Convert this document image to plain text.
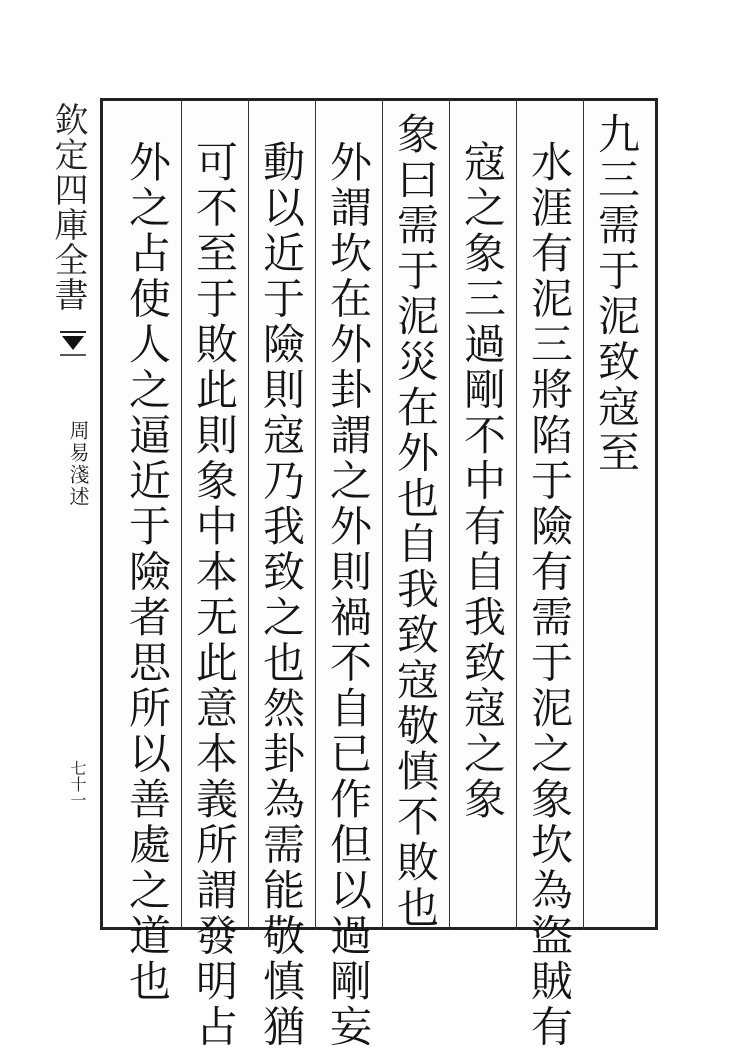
欽定四庫全書
周易淺述
七十一
九三需于泥致寇至
水涯有泥三將陷于險有需于泥之象坎為盜賊有
寇之象三過剛不中有自我致寇之象
象曰需于泥災在外也自我致寇敬慎不敗也
外謂坎在外卦謂之外則禍不自已作但以過剛妄
動以近于險則寇乃我致之也然卦為需能敬慎猶
可不至于敗此則象中本无此意本義所謂發明占
外之占使人之逼近于險者思所以善處之道也
